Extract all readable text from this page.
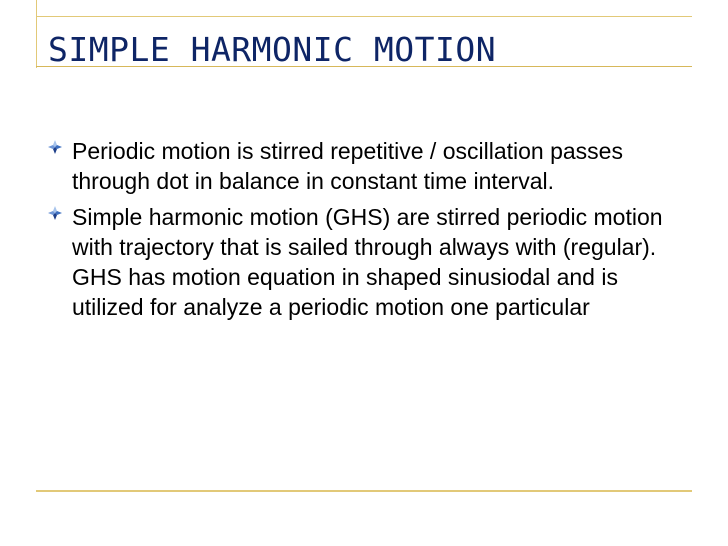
SIMPLE HARMONIC MOTION
Periodic motion is stirred repetitive / oscillation passes through dot in balance in constant time interval.
Simple harmonic motion (GHS) are stirred periodic motion with trajectory that is sailed through always with (regular). GHS has motion equation in shaped sinusiodal and is utilized for analyze a periodic motion one particular
